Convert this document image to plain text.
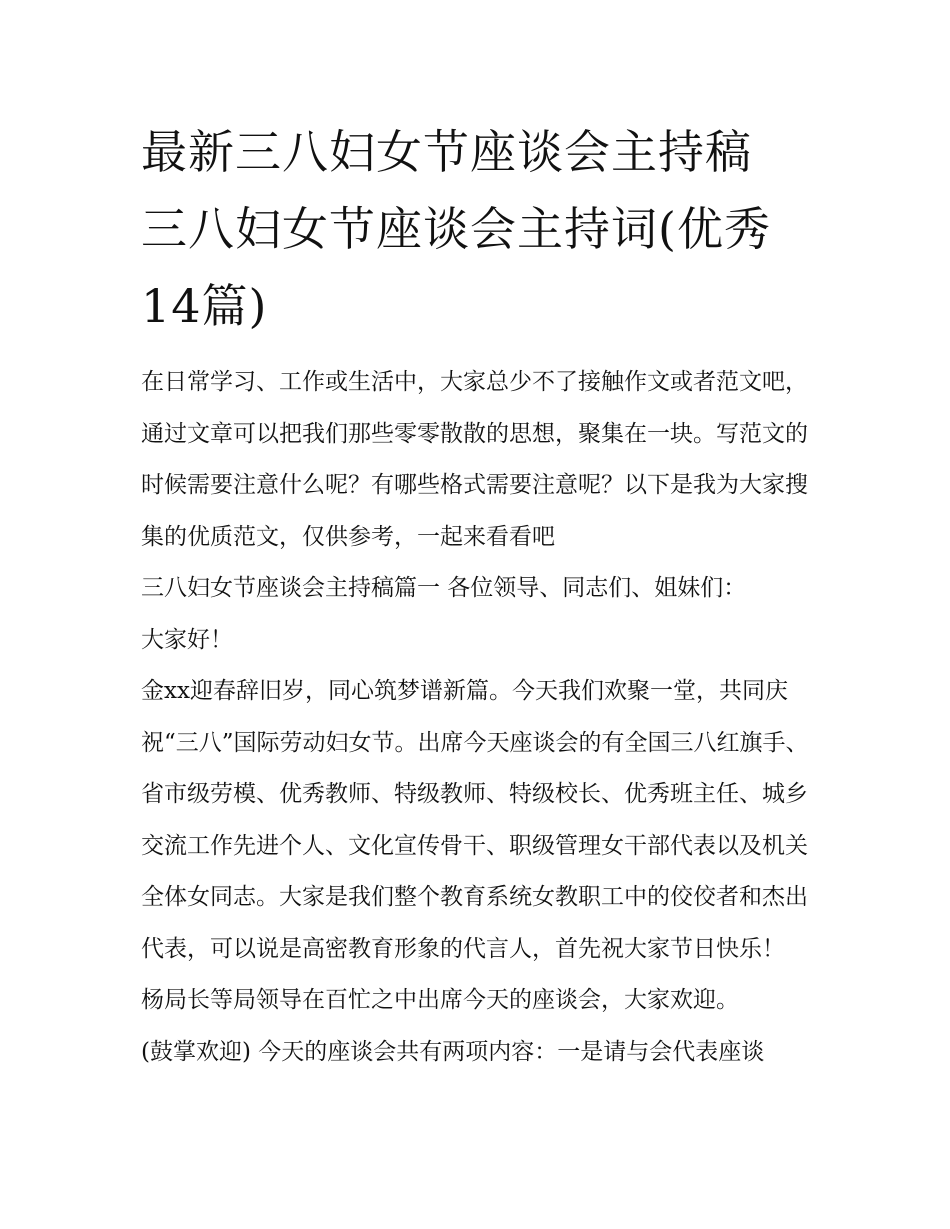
最新三八妇女节座谈会主持稿 三八妇女节座谈会主持词(优秀 14篇)

在日常学习、工作或生活中，大家总少不了接触作文或者范文吧，通过文章可以把我们那些零零散散的思想，聚集在一块。写范文的时候需要注意什么呢？有哪些格式需要注意呢？以下是我为大家搜集的优质范文，仅供参考，一起来看看吧

三八妇女节座谈会主持稿篇一 各位领导、同志们、姐妹们：

大家好！

金xx迎春辞旧岁，同心筑梦谱新篇。今天我们欢聚一堂，共同庆祝“三八”国际劳动妇女节。出席今天座谈会的有全国三八红旗手、省市级劳模、优秀教师、特级教师、特级校长、优秀班主任、城乡交流工作先进个人、文化宣传骨干、职级管理女干部代表以及机关全体女同志。大家是我们整个教育系统女教职工中的佼佼者和杰出代表，可以说是高密教育形象的代言人，首先祝大家节日快乐！

杨局长等局领导在百忙之中出席今天的座谈会，大家欢迎。

(鼓掌欢迎) 今天的座谈会共有两项内容：一是请与会代表座谈
